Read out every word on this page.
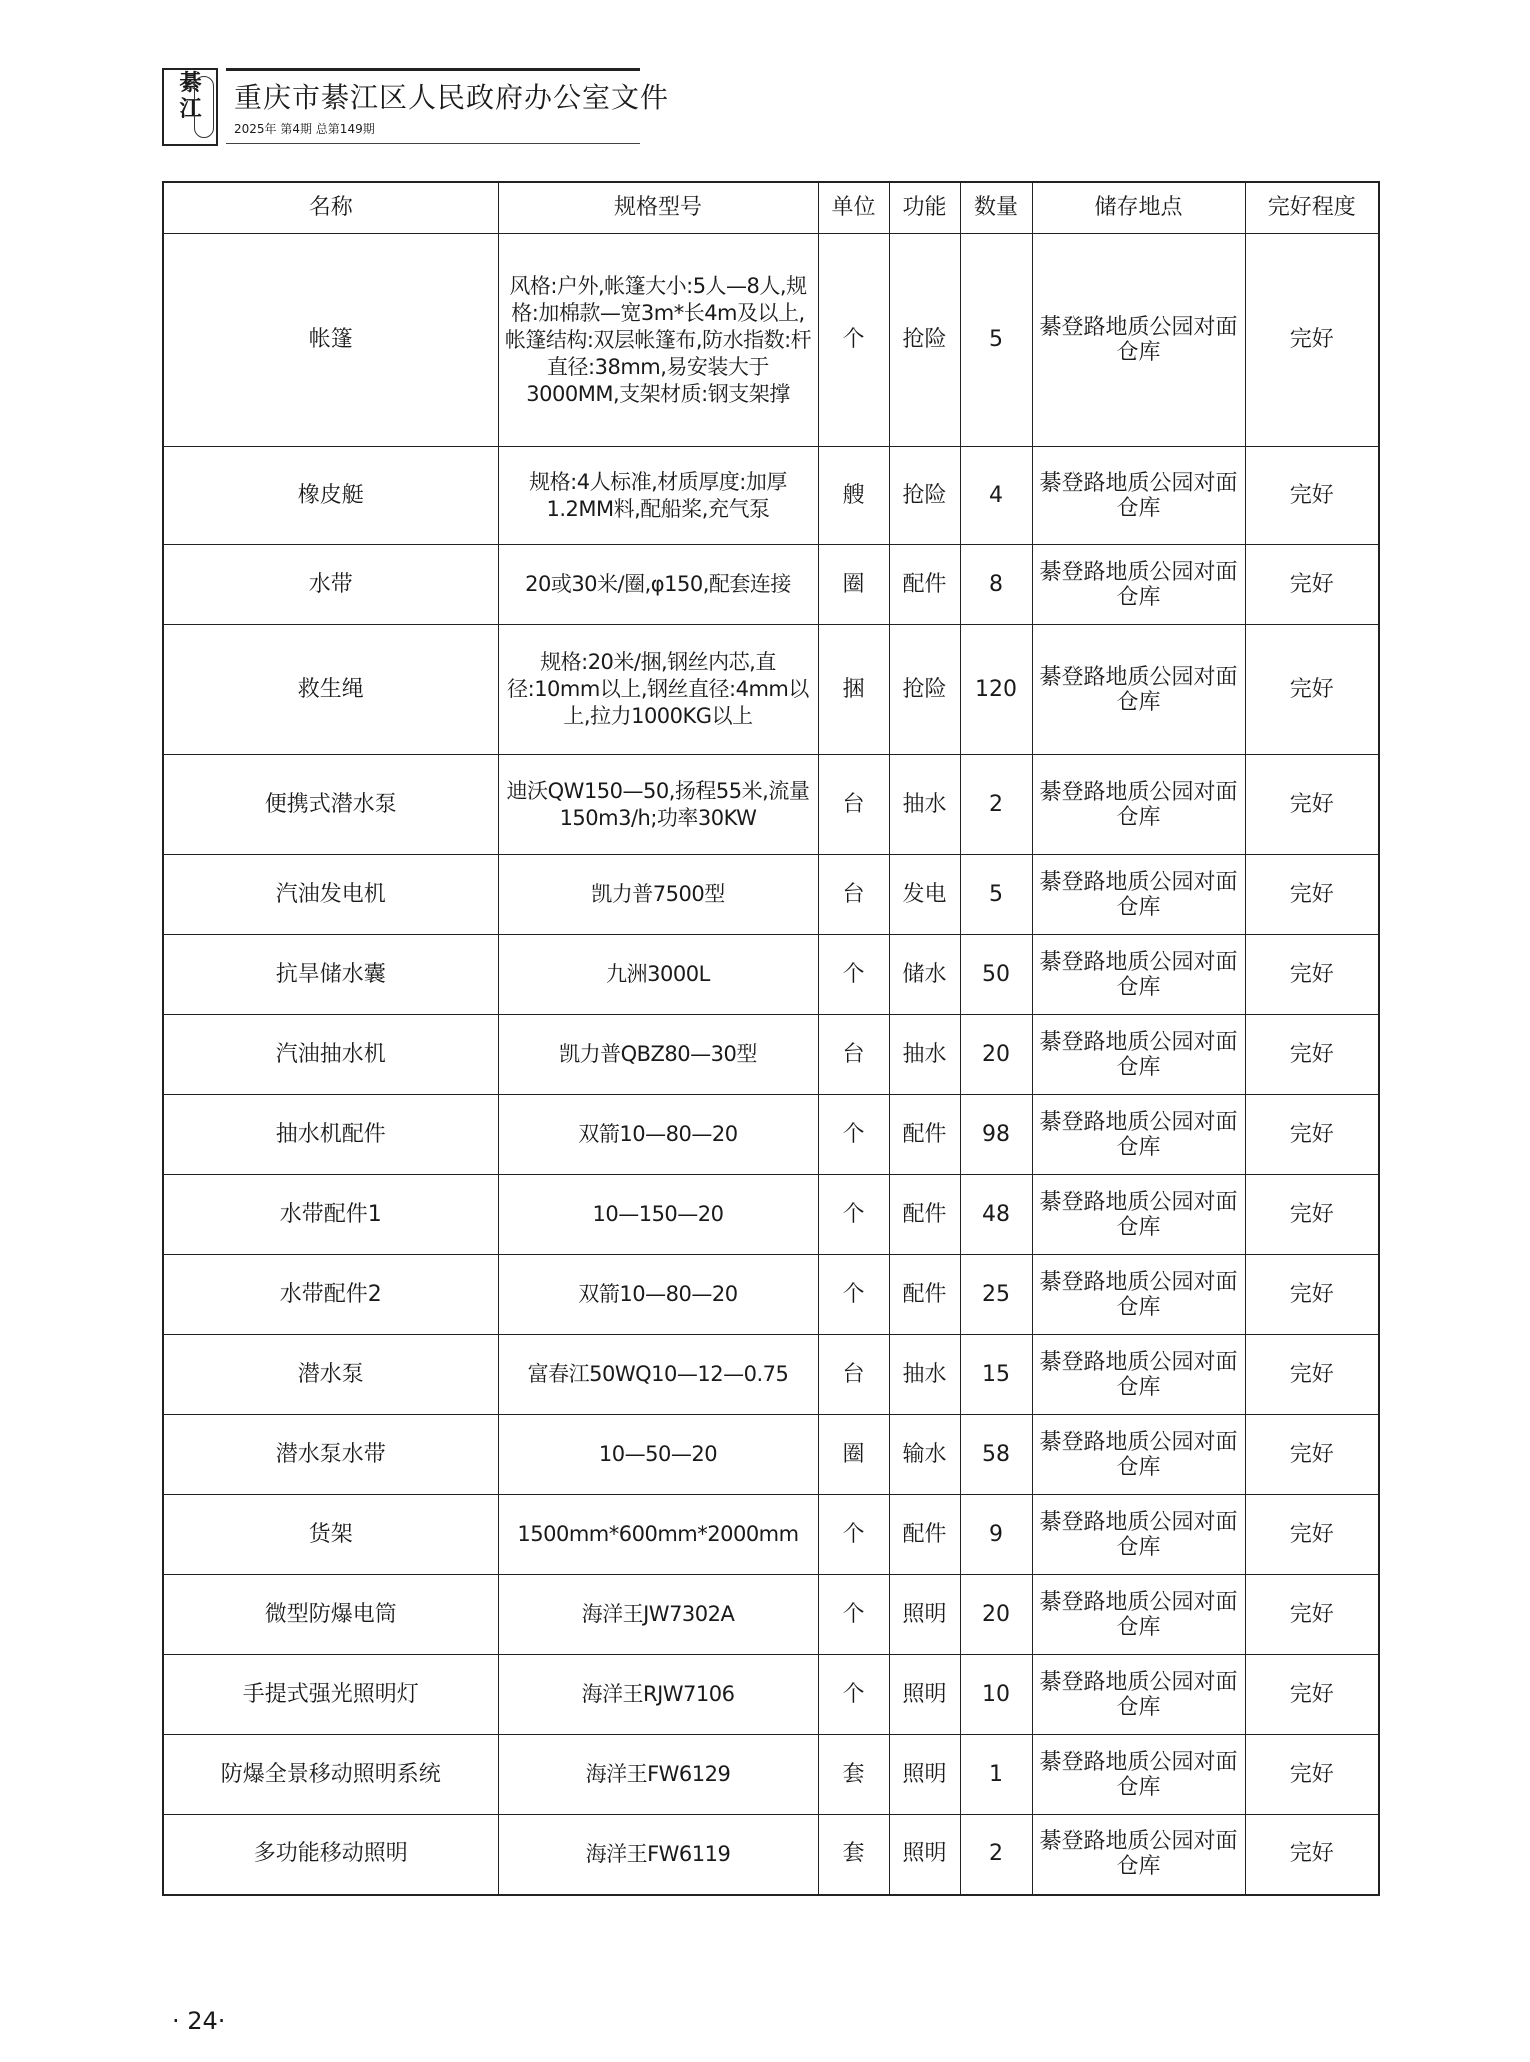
綦
江	重庆市綦江区人民政府办公室文件
2025年 第4期 总第149期
名称	规格型号	单位	功能	数量	储存地点	完好程度
帐篷	风格:户外,帐篷大小:5人—8人,规格:加棉款—宽3m*长4m及以上,帐篷结构:双层帐篷布,防水指数:杆直径:38mm,易安装大于3000MM,支架材质:钢支架撑	个	抢险	5	綦登路地质公园对面仓库	完好
橡皮艇	规格:4人标准,材质厚度:加厚1.2MM料,配船桨,充气泵	艘	抢险	4	綦登路地质公园对面仓库	完好
水带	20或30米/圈,φ150,配套连接	圈	配件	8	綦登路地质公园对面仓库	完好
救生绳	规格:20米/捆,钢丝内芯,直径:10mm以上,钢丝直径:4mm以上,拉力1000KG以上	捆	抢险	120	綦登路地质公园对面仓库	完好
便携式潜水泵	迪沃QW150—50,扬程55米,流量150m3/h;功率30KW	台	抽水	2	綦登路地质公园对面仓库	完好
汽油发电机	凯力普7500型	台	发电	5	綦登路地质公园对面仓库	完好
抗旱储水囊	九洲3000L	个	储水	50	綦登路地质公园对面仓库	完好
汽油抽水机	凯力普QBZ80—30型	台	抽水	20	綦登路地质公园对面仓库	完好
抽水机配件	双箭10—80—20	个	配件	98	綦登路地质公园对面仓库	完好
水带配件1	10—150—20	个	配件	48	綦登路地质公园对面仓库	完好
水带配件2	双箭10—80—20	个	配件	25	綦登路地质公园对面仓库	完好
潜水泵	富春江50WQ10—12—0.75	台	抽水	15	綦登路地质公园对面仓库	完好
潜水泵水带	10—50—20	圈	输水	58	綦登路地质公园对面仓库	完好
货架	1500mm*600mm*2000mm	个	配件	9	綦登路地质公园对面仓库	完好
微型防爆电筒	海洋王JW7302A	个	照明	20	綦登路地质公园对面仓库	完好
手提式强光照明灯	海洋王RJW7106	个	照明	10	綦登路地质公园对面仓库	完好
防爆全景移动照明系统	海洋王FW6129	套	照明	1	綦登路地质公园对面仓库	完好
多功能移动照明	海洋王FW6119	套	照明	2	綦登路地质公园对面仓库	完好
· 24·
